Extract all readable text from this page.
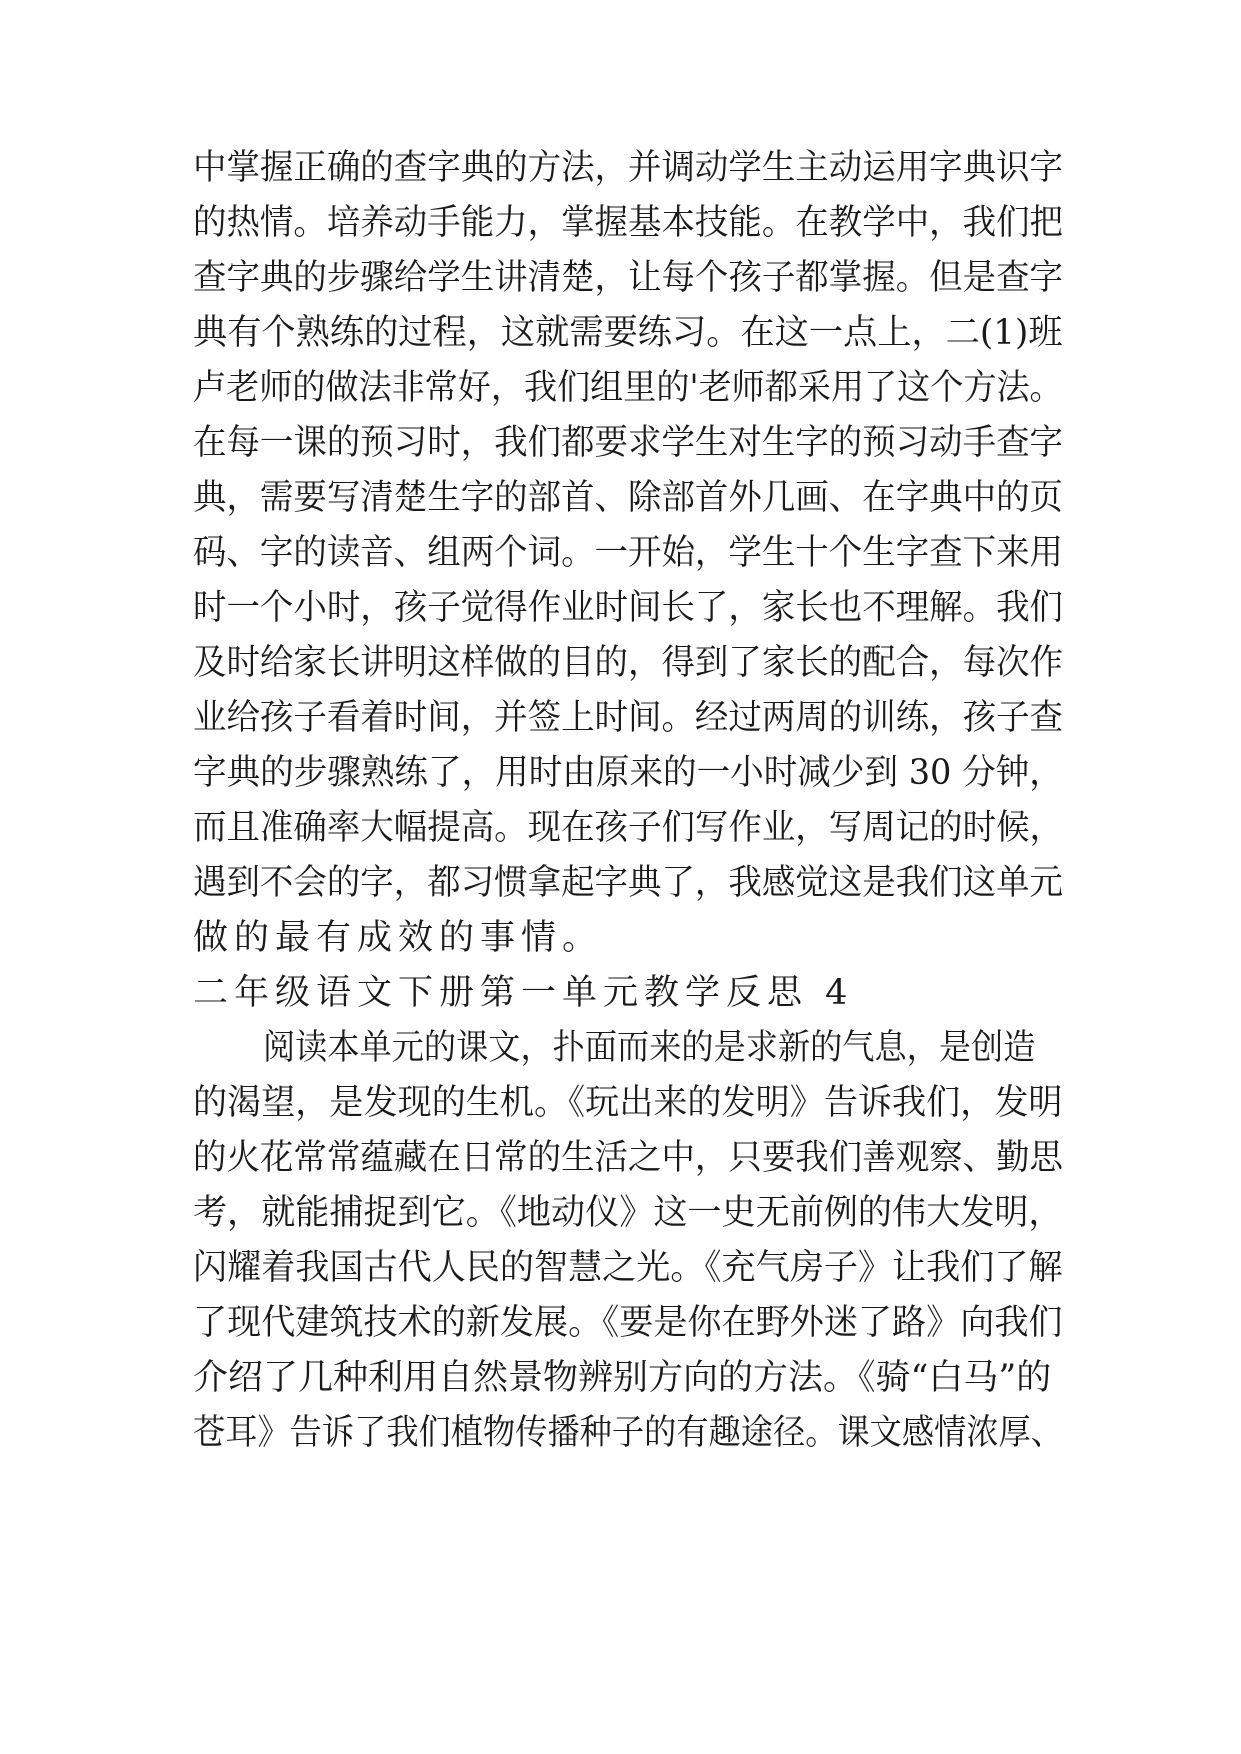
中掌握正确的查字典的方法，并调动学生主动运用字典识字
的热情。培养动手能力，掌握基本技能。在教学中，我们把
查字典的步骤给学生讲清楚，让每个孩子都掌握。但是查字
典有个熟练的过程，这就需要练习。在这一点上，二(1)班
卢老师的做法非常好，我们组里的'老师都采用了这个方法。
在每一课的预习时，我们都要求学生对生字的预习动手查字
典，需要写清楚生字的部首、除部首外几画、在字典中的页
码、字的读音、组两个词。一开始，学生十个生字查下来用
时一个小时，孩子觉得作业时间长了，家长也不理解。我们
及时给家长讲明这样做的目的，得到了家长的配合，每次作
业给孩子看着时间，并签上时间。经过两周的训练，孩子查
字典的步骤熟练了，用时由原来的一小时减少到 30 分钟，
而且准确率大幅提高。现在孩子们写作业，写周记的时候，
遇到不会的字，都习惯拿起字典了，我感觉这是我们这单元
做的最有成效的事情。
二年级语文下册第一单元教学反思 4
阅读本单元的课文，扑面而来的是求新的气息，是创造
的渴望，是发现的生机。《玩出来的发明》告诉我们，发明
的火花常常蕴藏在日常的生活之中，只要我们善观察、勤思
考，就能捕捉到它。《地动仪》这一史无前例的伟大发明，
闪耀着我国古代人民的智慧之光。《充气房子》让我们了解
了现代建筑技术的新发展。《要是你在野外迷了路》向我们
介绍了几种利用自然景物辨别方向的方法。《骑“白马”的
苍耳》告诉了我们植物传播种子的有趣途径。课文感情浓厚、
